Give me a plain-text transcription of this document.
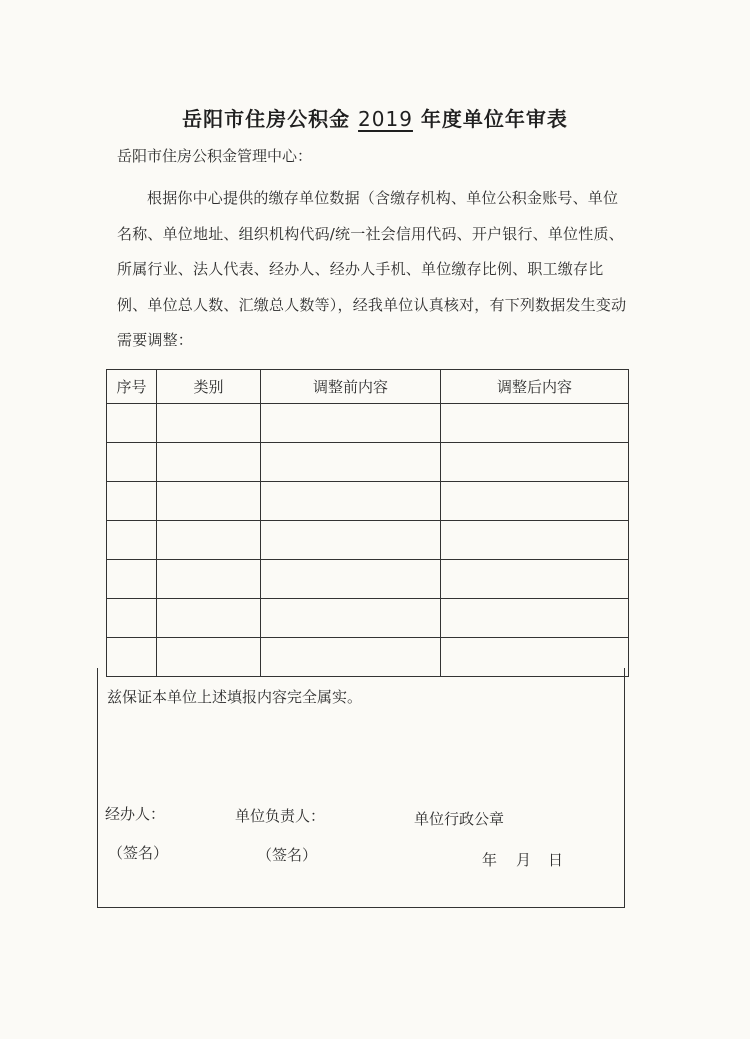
岳阳市住房公积金 2019 年度单位年审表
岳阳市住房公积金管理中心：
根据你中心提供的缴存单位数据（含缴存机构、单位公积金账号、单位名称、单位地址、组织机构代码/统一社会信用代码、开户银行、单位性质、所属行业、法人代表、经办人、经办人手机、单位缴存比例、职工缴存比例、单位总人数、汇缴总人数等），经我单位认真核对，有下列数据发生变动需要调整：
序号	类别	调整前内容	调整后内容

兹保证本单位上述填报内容完全属实。
经办人：
（签名）
单位负责人：
（签名）
单位行政公章
年 月 日
